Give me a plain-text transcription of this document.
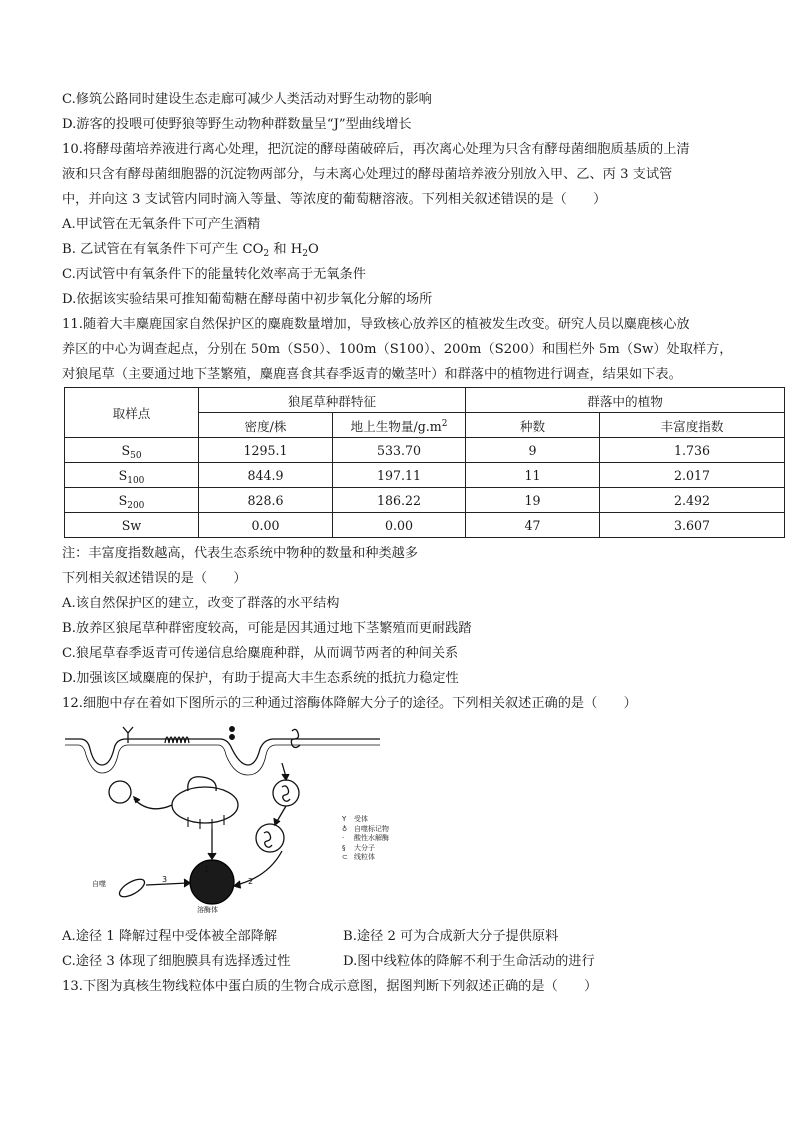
C.修筑公路同时建设生态走廊可减少人类活动对野生动物的影响
D.游客的投喂可使野狼等野生动物种群数量呈“J”型曲线增长
10.将酵母菌培养液进行离心处理，把沉淀的酵母菌破碎后，再次离心处理为只含有酵母菌细胞质基质的上清
液和只含有酵母菌细胞器的沉淀物两部分，与未离心处理过的酵母菌培养液分别放入甲、乙、丙 3 支试管
中，并向这 3 支试管内同时滴入等量、等浓度的葡萄糖溶液。下列相关叙述错误的是（　　）
A.甲试管在无氧条件下可产生酒精
B. 乙试管在有氧条件下可产生 $CO_2$ 和 $H_2O$
C.丙试管中有氧条件下的能量转化效率高于无氧条件
D.依据该实验结果可推知葡萄糖在酵母菌中初步氧化分解的场所
11.随着大丰麋鹿国家自然保护区的麋鹿数量增加，导致核心放养区的植被发生改变。研究人员以麋鹿核心放
养区的中心为调查起点，分别在 50m（S50）、100m（S100）、200m（S200）和围栏外 5m（Sw）处取样方，
对狼尾草（主要通过地下茎繁殖，麋鹿喜食其春季返青的嫩茎叶）和群落中的植物进行调查，结果如下表。
取样点	狼尾草种群特征		群落中的植物	
	密度/株	地上生物量$/g.m^2$	种数	丰富度指数
$S_{50}$	1295.1	533.70	9	1.736
$S_{100}$	844.9	197.11	11	2.017
$S_{200}$	828.6	186.22	19	2.492
Sw	0.00	0.00	47	3.607
注：丰富度指数越高，代表生态系统中物种的数量和种类越多
下列相关叙述错误的是（　　）
A.该自然保护区的建立，改变了群落的水平结构
B.放养区狼尾草种群密度较高，可能是因其通过地下茎繁殖而更耐践踏
C.狼尾草春季返青可传递信息给麋鹿种群，从而调节两者的种间关系
D.加强该区域麋鹿的保护，有助于提高大丰生态系统的抵抗力稳定性
12.细胞中存在着如下图所示的三种通过溶酶体降解大分子的途径。下列相关叙述正确的是（　　）
1
2
3
自噬
溶酶体
Y 受体
♁ 自噬标记物
· 酸性水解酶
§ 大分子
⊂ 线粒体
A.途径 1 降解过程中受体被全部降解	B.途径 2 可为合成新大分子提供原料
C.途径 3 体现了细胞膜具有选择透过性	D.图中线粒体的降解不利于生命活动的进行
13.下图为真核生物线粒体中蛋白质的生物合成示意图，据图判断下列叙述正确的是（　　）
